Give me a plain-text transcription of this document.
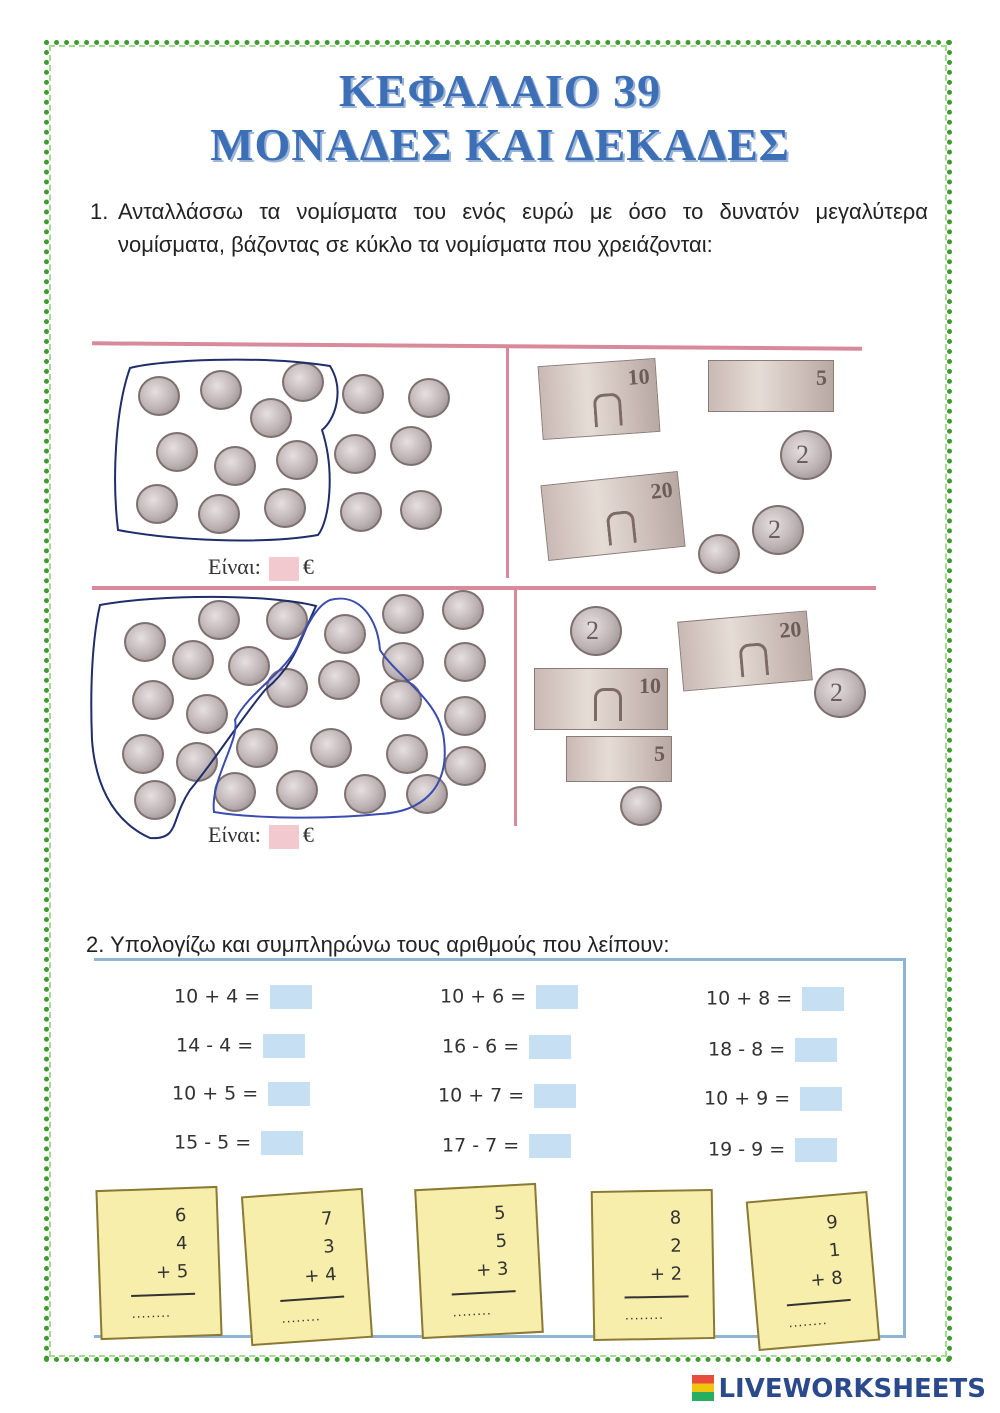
ΚΕΦΑΛΑΙΟ 39
ΜΟΝΑΔΕΣ ΚΑΙ ΔΕΚΑΔΕΣ
1. Ανταλλάσσω τα νομίσματα του ενός ευρώ με όσο το δυνατόν μεγαλύτερα νομίσματα, βάζοντας σε κύκλο τα νομίσματα που χρειάζονται:
10	5
2
20
2
Είναι: €
2	20
2
10
5
Είναι: €
2. Υπολογίζω και συμπληρώνω τους αριθμούς που λείπουν:
10 + 4 =
14 - 4 =
10 + 5 =
15 - 5 =
10 + 6 =
16 - 6 =
10 + 7 =
17 - 7 =
10 + 8 =
18 - 8 =
10 + 9 =
19 - 9 =
6
4
+ 5
........
7
3
+ 4
........
5
5
+ 3
........
8
2
+ 2
........
9
1
+ 8
........
LIVEWORKSHEETS
